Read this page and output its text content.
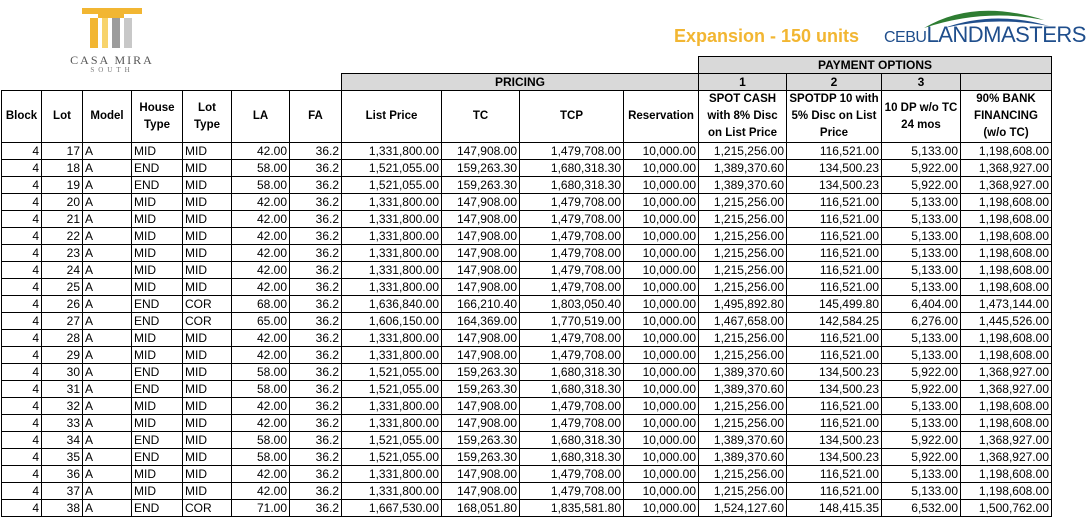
CASA MIRA
SOUTH
Expansion - 150 units CEBULANDMASTERS
											PAYMENT OPTIONS			
							PRICING				1	2	3	
Block	Lot	Model	House Type	Lot Type	LA	FA	List Price	TC	TCP	Reservation	SPOT CASH with 8% Disc on List Price	SPOTDP 10 with 5% Disc on List Price	10 DP w/o TC 24 mos	90% BANK FINANCING (w/o TC)
4	17	A	MID	MID	42.00	36.2	1,331,800.00	147,908.00	1,479,708.00	10,000.00	1,215,256.00	116,521.00	5,133.00	1,198,608.00
4	18	A	END	MID	58.00	36.2	1,521,055.00	159,263.30	1,680,318.30	10,000.00	1,389,370.60	134,500.23	5,922.00	1,368,927.00
4	19	A	END	MID	58.00	36.2	1,521,055.00	159,263.30	1,680,318.30	10,000.00	1,389,370.60	134,500.23	5,922.00	1,368,927.00
4	20	A	MID	MID	42.00	36.2	1,331,800.00	147,908.00	1,479,708.00	10,000.00	1,215,256.00	116,521.00	5,133.00	1,198,608.00
4	21	A	MID	MID	42.00	36.2	1,331,800.00	147,908.00	1,479,708.00	10,000.00	1,215,256.00	116,521.00	5,133.00	1,198,608.00
4	22	A	MID	MID	42.00	36.2	1,331,800.00	147,908.00	1,479,708.00	10,000.00	1,215,256.00	116,521.00	5,133.00	1,198,608.00
4	23	A	MID	MID	42.00	36.2	1,331,800.00	147,908.00	1,479,708.00	10,000.00	1,215,256.00	116,521.00	5,133.00	1,198,608.00
4	24	A	MID	MID	42.00	36.2	1,331,800.00	147,908.00	1,479,708.00	10,000.00	1,215,256.00	116,521.00	5,133.00	1,198,608.00
4	25	A	MID	MID	42.00	36.2	1,331,800.00	147,908.00	1,479,708.00	10,000.00	1,215,256.00	116,521.00	5,133.00	1,198,608.00
4	26	A	END	COR	68.00	36.2	1,636,840.00	166,210.40	1,803,050.40	10,000.00	1,495,892.80	145,499.80	6,404.00	1,473,144.00
4	27	A	END	COR	65.00	36.2	1,606,150.00	164,369.00	1,770,519.00	10,000.00	1,467,658.00	142,584.25	6,276.00	1,445,526.00
4	28	A	MID	MID	42.00	36.2	1,331,800.00	147,908.00	1,479,708.00	10,000.00	1,215,256.00	116,521.00	5,133.00	1,198,608.00
4	29	A	MID	MID	42.00	36.2	1,331,800.00	147,908.00	1,479,708.00	10,000.00	1,215,256.00	116,521.00	5,133.00	1,198,608.00
4	30	A	END	MID	58.00	36.2	1,521,055.00	159,263.30	1,680,318.30	10,000.00	1,389,370.60	134,500.23	5,922.00	1,368,927.00
4	31	A	END	MID	58.00	36.2	1,521,055.00	159,263.30	1,680,318.30	10,000.00	1,389,370.60	134,500.23	5,922.00	1,368,927.00
4	32	A	MID	MID	42.00	36.2	1,331,800.00	147,908.00	1,479,708.00	10,000.00	1,215,256.00	116,521.00	5,133.00	1,198,608.00
4	33	A	MID	MID	42.00	36.2	1,331,800.00	147,908.00	1,479,708.00	10,000.00	1,215,256.00	116,521.00	5,133.00	1,198,608.00
4	34	A	END	MID	58.00	36.2	1,521,055.00	159,263.30	1,680,318.30	10,000.00	1,389,370.60	134,500.23	5,922.00	1,368,927.00
4	35	A	END	MID	58.00	36.2	1,521,055.00	159,263.30	1,680,318.30	10,000.00	1,389,370.60	134,500.23	5,922.00	1,368,927.00
4	36	A	MID	MID	42.00	36.2	1,331,800.00	147,908.00	1,479,708.00	10,000.00	1,215,256.00	116,521.00	5,133.00	1,198,608.00
4	37	A	MID	MID	42.00	36.2	1,331,800.00	147,908.00	1,479,708.00	10,000.00	1,215,256.00	116,521.00	5,133.00	1,198,608.00
4	38	A	END	COR	71.00	36.2	1,667,530.00	168,051.80	1,835,581.80	10,000.00	1,524,127.60	148,415.35	6,532.00	1,500,762.00
